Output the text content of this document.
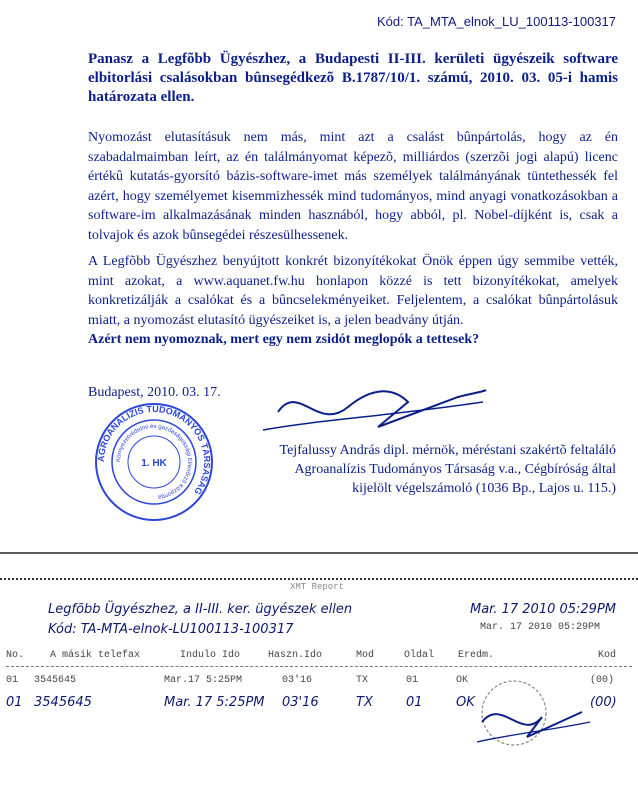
Kód: TA_MTA_elnok_LU_100113-100317
Panasz a Legfõbb Ügyészhez, a Budapesti II-III. kerületi ügyészeik software elbitorlási csalásokban bûnsegédkezõ B.1787/10/1. számú, 2010. 03. 05-i hamis határozata ellen.

Nyomozást elutasításuk nem más, mint azt a csalást bûnpártolás, hogy az én szabadalmaimban leírt, az én találmányomat képezõ, milliárdos (szerzõi jogi alapú) licenc értékû kutatás-gyorsító bázis-software-imet más személyek találmányának tüntethessék fel azért, hogy személyemet kisemmizhessék mind tudományos, mind anyagi vonatkozásokban a software-im alkalmazásának minden hasznából, hogy abból, pl. Nobel-díjként is, csak a tolvajok és azok bûnsegédei részesülhessenek.

A Legfõbb Ügyészhez benyújtott konkrét bizonyítékokat Önök éppen úgy semmibe vették, mint azokat, a www.aquanet.fw.hu honlapon közzé is tett bizonyítékokat, amelyek konkretizálják a csalókat és a bûncselekményeiket. Feljelentem, a csalókat bûnpártolásuk miatt, a nyomozást elutasító ügyészeiket is, a jelen beadvány útján.
Azért nem nyomoznak, mert egy nem zsidót meglopók a tettesek?
Budapest, 2010. 03. 17.
AGROANALÍZIS TUDOMÁNYOS TÁRSASÁG
Környezetvédelmi és gazdaságossági Ellenõrzõ Központja
1. HK
Tejfalussy András dipl. mérnök, méréstani szakértõ feltaláló
Agroanalízis Tudományos Társaság v.a., Cégbíróság által
kijelölt végelszámoló (1036 Bp., Lajos u. 115.)
XMT Report
Legfõbb Ügyészhez, a II-III. ker. ügyészek ellen
Kód: TA-MTA-elnok-LU100113-100317
Mar. 17 2010 05:29PM
Mar. 17 2010 05:29PM
No.	A másik telefax	Indulo Ido	Haszn.Ido	Mod	Oldal Eredm.	Kod
01 3545645	Mar.17 5:25PM	03'16	TX	01	OK	(00)
01 3545645	Mar. 17 5:25PM 03'16	TX	01	OK	(00)
